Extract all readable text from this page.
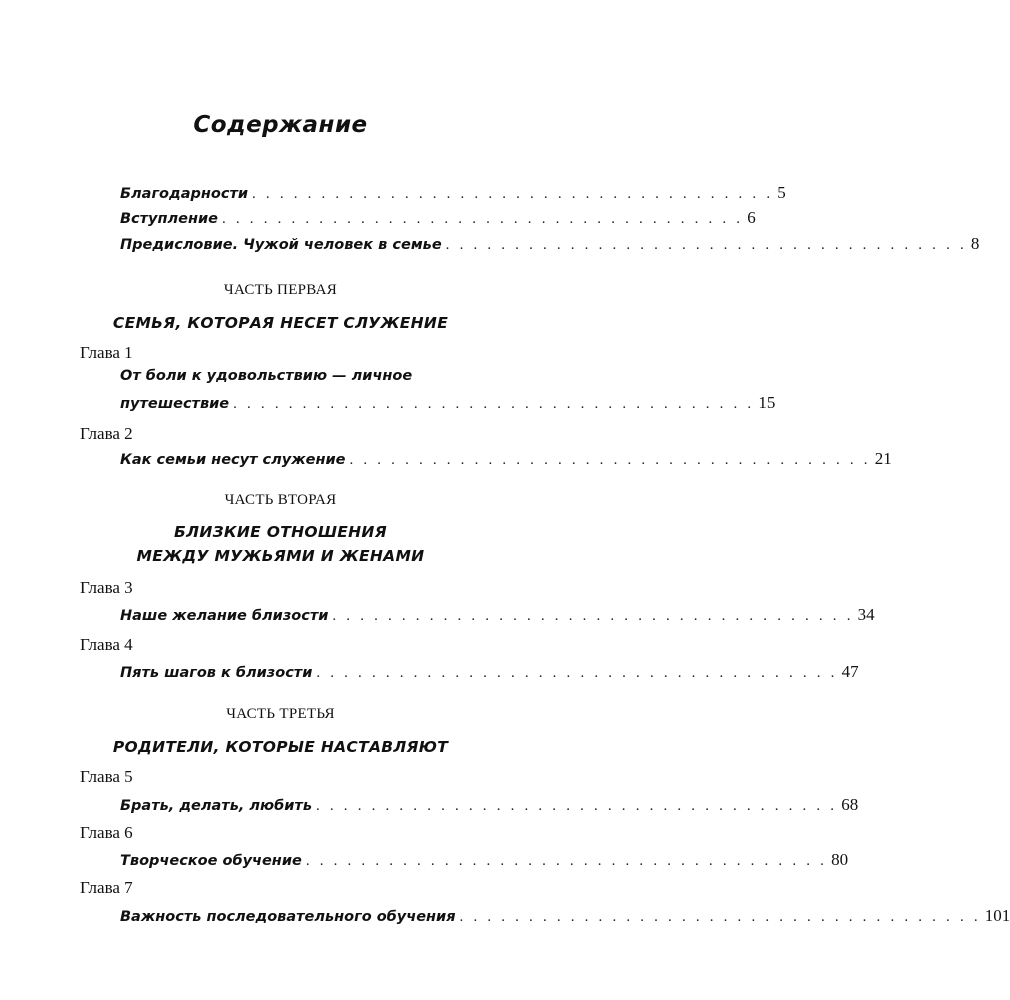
Содержание
Благодарности . . . . . . . . . . . . . . . . . . . . . . . . . . . . . . . . . . . . . . 5
Вступление . . . . . . . . . . . . . . . . . . . . . . . . . . . . . . . . . . . . . . 6
Предисловие. Чужой человек в семье . . . . . . . . . . . . . . . . . . . . . . . . . . . . . . . . . . . . . . 8
ЧАСТЬ ПЕРВАЯ
СЕМЬЯ, КОТОРАЯ НЕСЕТ СЛУЖЕНИЕ
Глава 1
От боли к удовольствию — личное
путешествие . . . . . . . . . . . . . . . . . . . . . . . . . . . . . . . . . . . . . . 15
Глава 2
Как семьи несут служение . . . . . . . . . . . . . . . . . . . . . . . . . . . . . . . . . . . . . . 21
ЧАСТЬ ВТОРАЯ
БЛИЗКИЕ ОТНОШЕНИЯ
МЕЖДУ МУЖЬЯМИ И ЖЕНАМИ
Глава 3
Наше желание близости . . . . . . . . . . . . . . . . . . . . . . . . . . . . . . . . . . . . . . 34
Глава 4
Пять шагов к близости . . . . . . . . . . . . . . . . . . . . . . . . . . . . . . . . . . . . . . 47
ЧАСТЬ ТРЕТЬЯ
РОДИТЕЛИ, КОТОРЫЕ НАСТАВЛЯЮТ
Глава 5
Брать, делать, любить . . . . . . . . . . . . . . . . . . . . . . . . . . . . . . . . . . . . . . 68
Глава 6
Творческое обучение . . . . . . . . . . . . . . . . . . . . . . . . . . . . . . . . . . . . . . 80
Глава 7
Важность последовательного обучения . . . . . . . . . . . . . . . . . . . . . . . . . . . . . . . . . . . . . . 101
